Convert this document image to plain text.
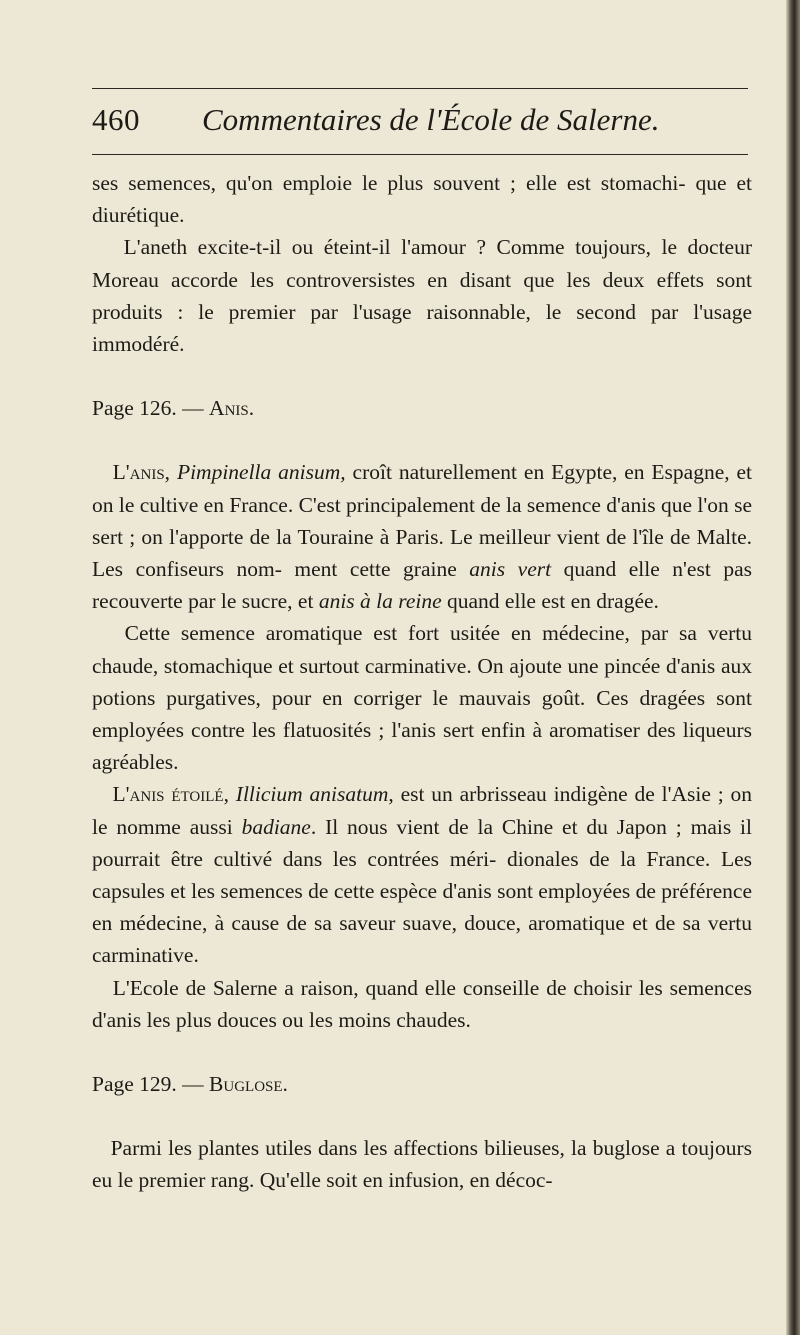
460 Commentaires de l'École de Salerne.

ses semences, qu'on emploie le plus souvent ; elle est stomachi- que et diurétique.

L'aneth excite-t-il ou éteint-il l'amour ? Comme toujours, le docteur Moreau accorde les controversistes en disant que les deux effets sont produits : le premier par l'usage raisonnable, le second par l'usage immodéré.

Page 126. — Anis.

L'anis, Pimpinella anisum, croît naturellement en Egypte, en Espagne, et on le cultive en France. C'est principalement de la semence d'anis que l'on se sert ; on l'apporte de la Touraine à Paris. Le meilleur vient de l'île de Malte. Les confiseurs nom- ment cette graine anis vert quand elle n'est pas recouverte par le sucre, et anis à la reine quand elle est en dragée.

Cette semence aromatique est fort usitée en médecine, par sa vertu chaude, stomachique et surtout carminative. On ajoute une pincée d'anis aux potions purgatives, pour en corriger le mauvais goût. Ces dragées sont employées contre les flatuosités ; l'anis sert enfin à aromatiser des liqueurs agréables.

L'anis étoilé, Illicium anisatum, est un arbrisseau indigène de l'Asie ; on le nomme aussi badiane. Il nous vient de la Chine et du Japon ; mais il pourrait être cultivé dans les contrées méri- dionales de la France. Les capsules et les semences de cette espèce d'anis sont employées de préférence en médecine, à cause de sa saveur suave, douce, aromatique et de sa vertu carminative.

L'Ecole de Salerne a raison, quand elle conseille de choisir les semences d'anis les plus douces ou les moins chaudes.

Page 129. — Buglose.

Parmi les plantes utiles dans les affections bilieuses, la buglose a toujours eu le premier rang. Qu'elle soit en infusion, en décoc-
